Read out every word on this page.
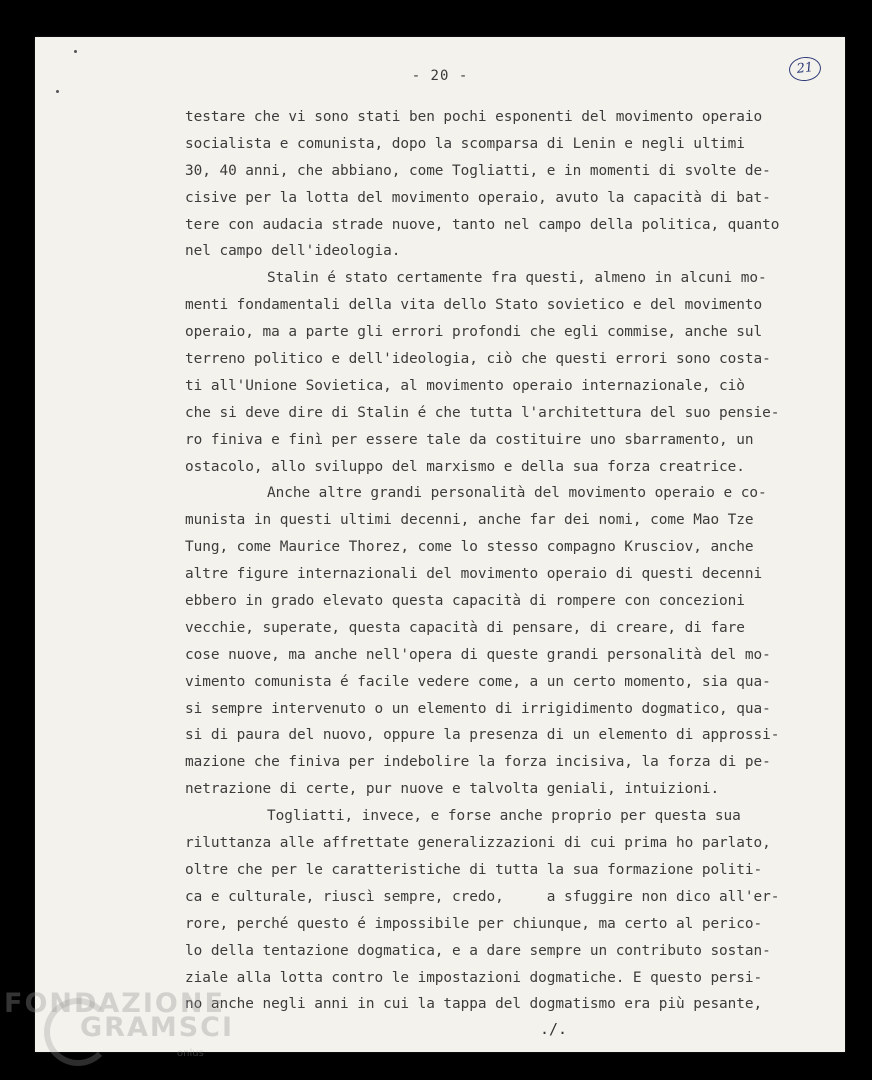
- 20 -	21
testare che vi sono stati ben pochi esponenti del movimento operaio
socialista e comunista, dopo la scomparsa di Lenin e negli ultimi
30, 40 anni, che abbiano, come Togliatti, e in momenti di svolte de-
cisive per la lotta del movimento operaio, avuto la capacità di bat-
tere con audacia strade nuove, tanto nel campo della politica, quanto
nel campo dell'ideologia.
Stalin é stato certamente fra questi, almeno in alcuni mo-
menti fondamentali della vita dello Stato sovietico e del movimento
operaio, ma a parte gli errori profondi che egli commise, anche sul
terreno politico e dell'ideologia, ciò che questi errori sono costa-
ti all'Unione Sovietica, al movimento operaio internazionale, ciò
che si deve dire di Stalin é che tutta l'architettura del suo pensie-
ro finiva e finì per essere tale da costituire uno sbarramento, un
ostacolo, allo sviluppo del marxismo e della sua forza creatrice.
Anche altre grandi personalità del movimento operaio e co-
munista in questi ultimi decenni, anche far dei nomi, come Mao Tze
Tung, come Maurice Thorez, come lo stesso compagno Krusciov, anche
altre figure internazionali del movimento operaio di questi decenni
ebbero in grado elevato questa capacità di rompere con concezioni
vecchie, superate, questa capacità di pensare, di creare, di fare
cose nuove, ma anche nell'opera di queste grandi personalità del mo-
vimento comunista é facile vedere come, a un certo momento, sia qua-
si sempre intervenuto o un elemento di irrigidimento dogmatico, qua-
si di paura del nuovo, oppure la presenza di un elemento di approssi-
mazione che finiva per indebolire la forza incisiva, la forza di pe-
netrazione di certe, pur nuove e talvolta geniali, intuizioni.
Togliatti, invece, e forse anche proprio per questa sua
riluttanza alle affrettate generalizzazioni di cui prima ho parlato,
oltre che per le caratteristiche di tutta la sua formazione politi-
ca e culturale, riuscì sempre, credo,     a sfuggire non dico all'er-
rore, perché questo é impossibile per chiunque, ma certo al perico-
lo della tentazione dogmatica, e a dare sempre un contributo sostan-
ziale alla lotta contro le impostazioni dogmatiche. E questo persi-
no anche negli anni in cui la tappa del dogmatismo era più pesante,
./.
FONDAZIONE
GRAMSCI
onlus
